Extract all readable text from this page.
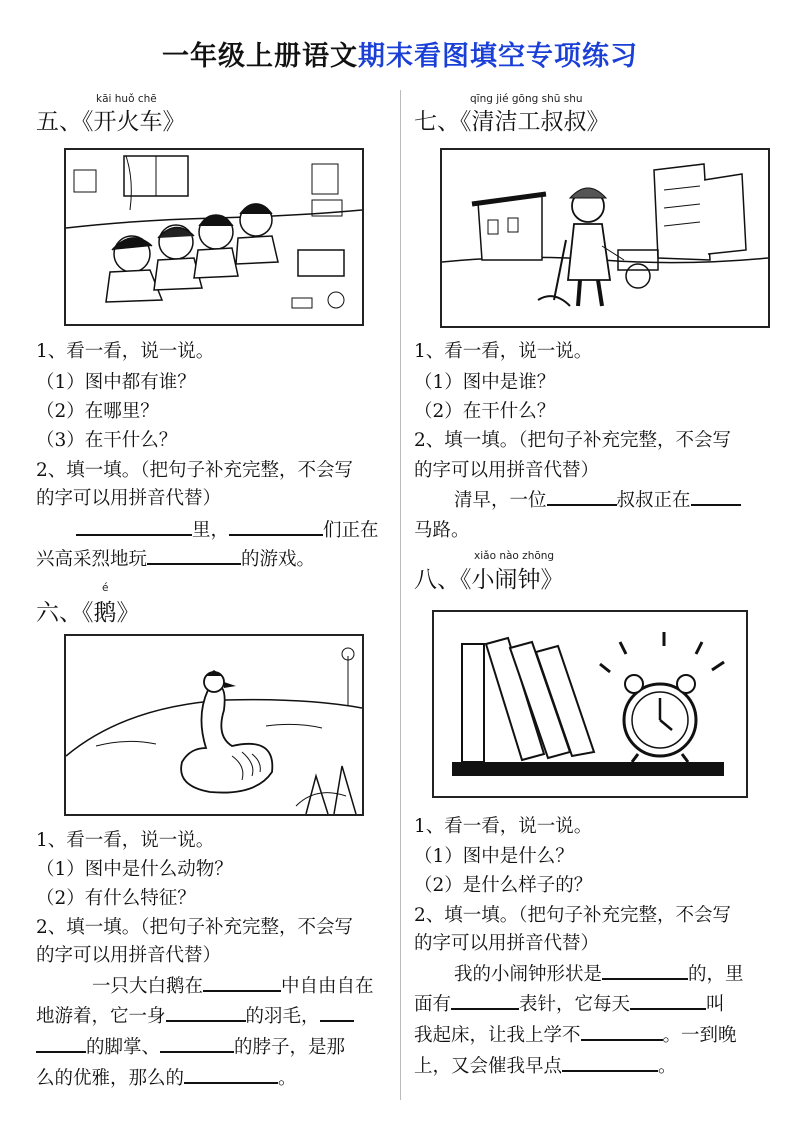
一年级上册语文期末看图填空专项练习
kāi huǒ chē
五、《开火车》
1、看一看，说一说。
（1）图中都有谁？
（2）在哪里？
（3）在干什么？
2、填一填。（把句子补充完整，不会写
的字可以用拼音代替）
里，	们正在
兴高采烈地玩	的游戏。
é
六、《鹅》
1、看一看，说一说。
（1）图中是什么动物？
（2）有什么特征？
2、填一填。（把句子补充完整，不会写
的字可以用拼音代替）
一只大白鹅在	中自由自在
地游着，它一身	的羽毛，
的脚掌、	的脖子，是那
么的优雅，那么的	。
qīng jié gōng shū shu
七、《清洁工叔叔》
1、看一看，说一说。
（1）图中是谁？
（2）在干什么？
2、填一填。（把句子补充完整，不会写
的字可以用拼音代替）
清早，一位	叔叔正在
马路。
xiǎo nào zhōng
八、《小闹钟》
1、看一看，说一说。
（1）图中是什么？
（2）是什么样子的？
2、填一填。（把句子补充完整，不会写
的字可以用拼音代替）
我的小闹钟形状是	的，里
面有	表针，它每天	叫
我起床，让我上学不	。一到晚
上，又会催我早点	。
